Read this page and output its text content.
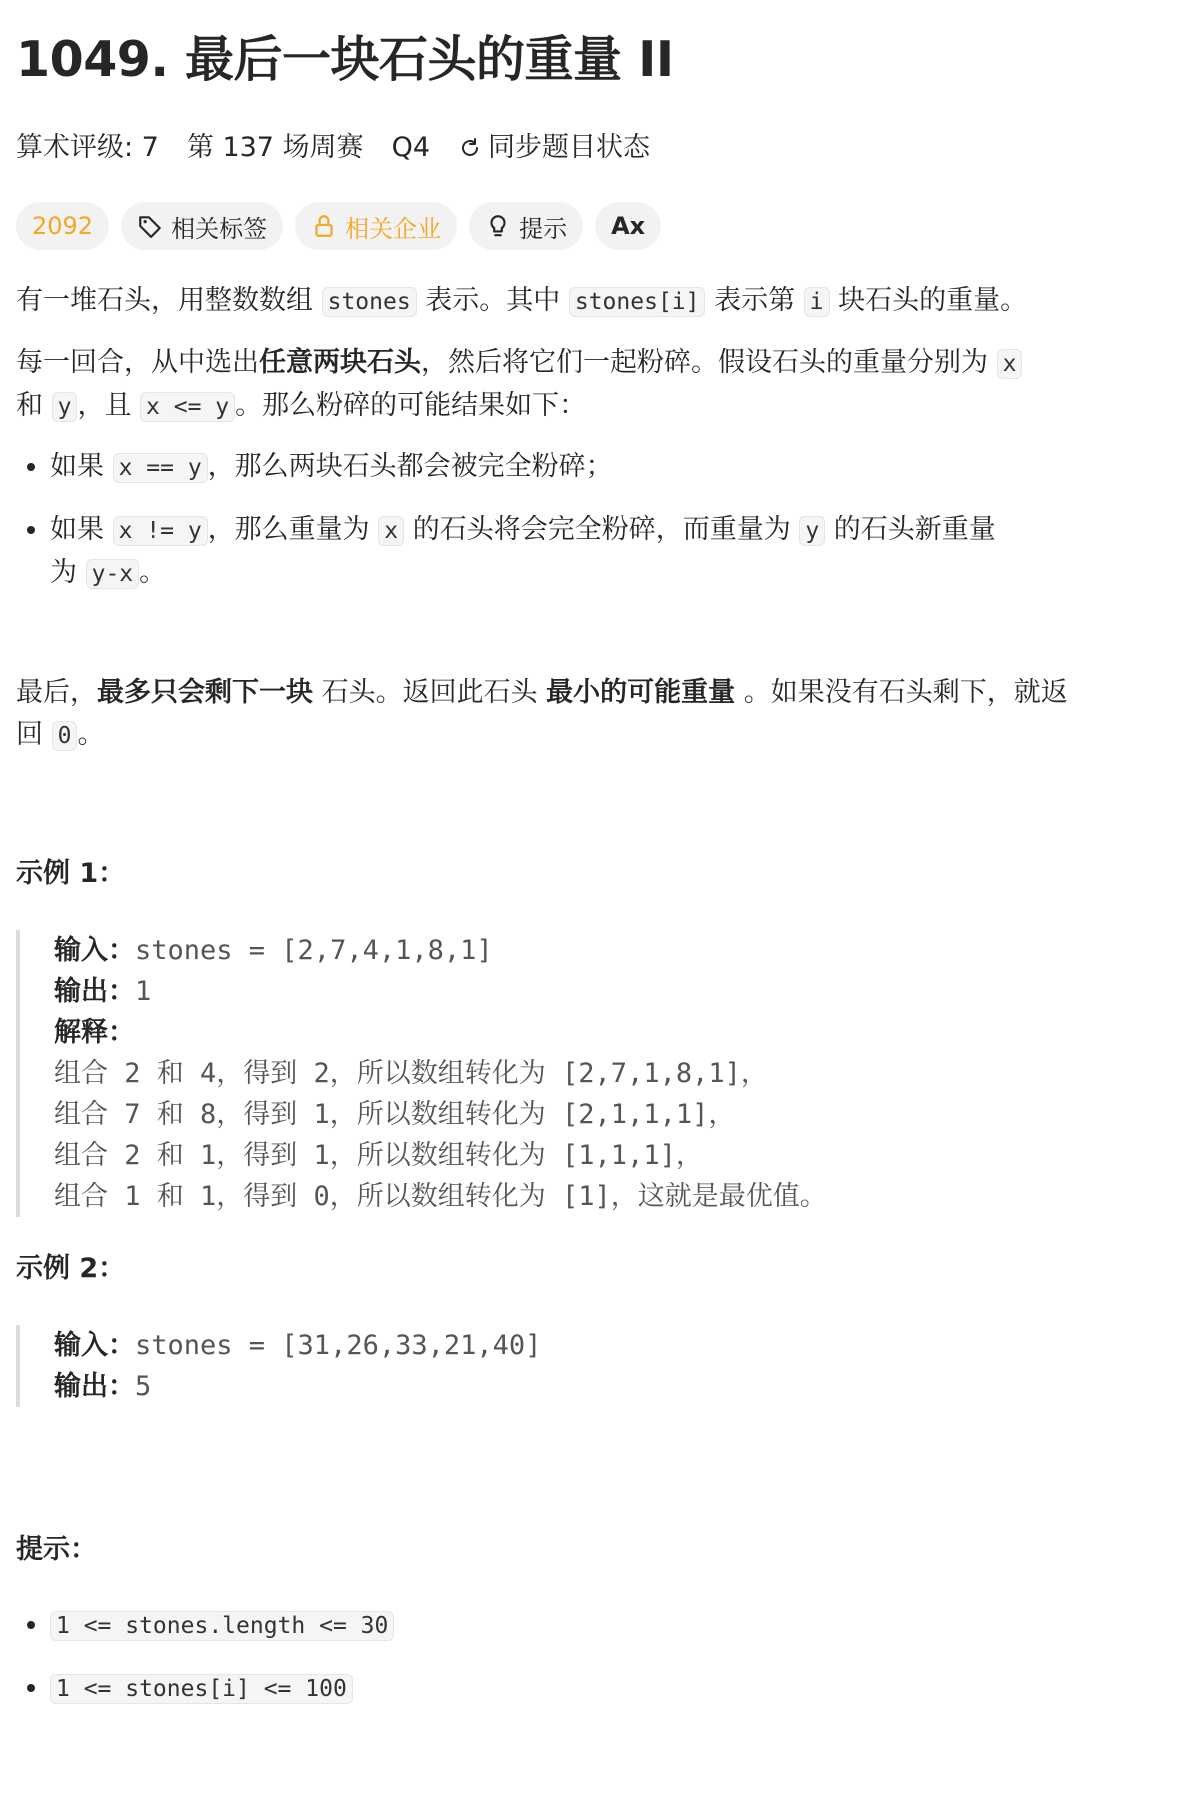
1049. 最后一块石头的重量 II
算术评级: 7 第 137 场周赛 Q4 同步题目状态
2092	相关标签	相关企业	提示 Ax

有一堆石头，用整数数组 stones 表示。其中 stones[i] 表示第 i 块石头的重量。

每一回合，从中选出任意两块石头，然后将它们一起粉碎。假设石头的重量分别为 x
和 y ，且 x <= y 。那么粉碎的可能结果如下：

• 如果 x == y ，那么两块石头都会被完全粉碎；
• 如果 x != y ，那么重量为 x 的石头将会完全粉碎，而重量为 y 的石头新重量
为 y-x 。

最后，最多只会剩下一块 石头。返回此石头 最小的可能重量 。如果没有石头剩下，就返
回 0 。

示例 1：
输入：stones = [2,7,4,1,8,1]
输出：1
解释：
组合 2 和 4，得到 2，所以数组转化为 [2,7,1,8,1]，
组合 7 和 8，得到 1，所以数组转化为 [2,1,1,1]，
组合 2 和 1，得到 1，所以数组转化为 [1,1,1]，
组合 1 和 1，得到 0，所以数组转化为 [1]，这就是最优值。
示例 2：
输入：stones = [31,26,33,21,40]
输出：5
提示：
• 1 <= stones.length <= 30
• 1 <= stones[i] <= 100
